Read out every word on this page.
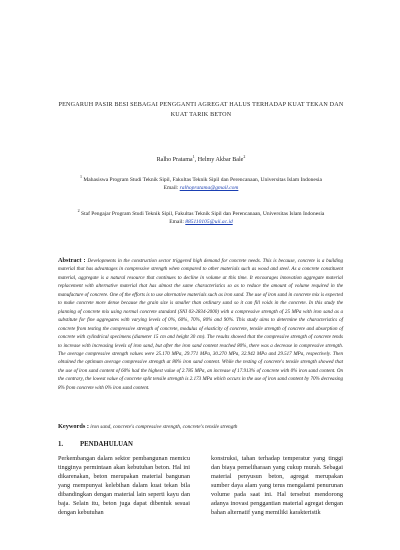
PENGARUH PASIR BESI SEBAGAI PENGGANTI AGREGAT HALUS TERHADAP KUAT TEKAN DAN KUAT TARIK BETON
Ralho Pratama$^1$, Helmy Akbar Bale$^2$
$^1$ Mahasiswa Program Studi Teknik Sipil, Fakultas Teknik Sipil dan Perencanaan, Universitas Islam Indonesia
Email: ralhopratama@gmail.com
$^2$ Staf Pengajar Program Studi Teknik Sipil, Fakultas Teknik Sipil dan Perencanaan, Universitas Islam Indonesia
Email: 885110105@uii.ac.id

Abstract : Developments in the construction sector triggered high demand for concrete needs. This is because, concrete is a building material that has advantages in compressive strength when compared to other materials such as wood and steel. As a concrete constituent material, aggregate is a natural resource that continues to decline in volume at this time. It encourages innovation aggregate material replacement with alternative material that has almost the same characteristics so as to reduce the amount of volume required in the manufacture of concrete. One of the efforts is to use alternative materials such as iron sand. The use of iron sand in concrete mix is expected to make concrete more dense because the grain size is smaller than ordinary sand so it can fill voids in the concrete. In this study the planning of concrete mix using normal concrete standard (SNI 03-2834-2000) with a compressive strength of 25 MPa with iron sand as a substitute for fine aggregates with varying levels of 0%, 60%, 70%, 80% and 90%. This study aims to determine the characteristics of concrete from testing the compressive strength of concrete, modulus of elasticity of concrete, tensile strength of concrete and absorption of concrete with cylindrical specimens (diameter 15 cm and height 30 cm). The results showed that the compressive strength of concrete tends to increase with increasing levels of iron sand, but after the iron sand content reached 80%, there was a decrease in compressive strength. The average compressive strength values were 25.170 MPa, 29.771 MPa, 30.270 MPa, 32.942 MPa and 29.517 MPa, respectively. Then obtained the optimum average compressive strength at 80% iron sand content. While the testing of concrete's tensile strength showed that the use of iron sand content of 60% had the highest value of 2.785 MPa, an increase of 17.913% of concrete with 0% iron sand content. On the contrary, the lowest value of concrete split tensile strength is 2.173 MPa which occurs in the use of iron sand content by 70% decreasing 8% from concrete with 0% iron sand content.

Keywords : iron sand, concrete's compressive strength, concrete's tensile strength

1. PENDAHULUAN

Perkembangan dalam sektor pembangunan memicu tingginya permintaan akan kebutuhan beton. Hal ini dikarenakan, beton merupakan material bangunan yang mempunyai kelebihan dalam kuat tekan bila dibandingkan dengan material lain seperti kayu dan baja. Selain itu, beton juga dapat dibentuk sesuai dengan kebutuhan

konstruksi, tahan terhadap temperatur yang tinggi dan biaya pemeliharaan yang cukup murah. Sebagai material penyusun beton, agregat merupakan sumber daya alam yang terus mengalami penurunan volume pada saat ini. Hal tersebut mendorong adanya inovasi penggantian material agregat dengan bahan alternatif yang memiliki karakteristik
